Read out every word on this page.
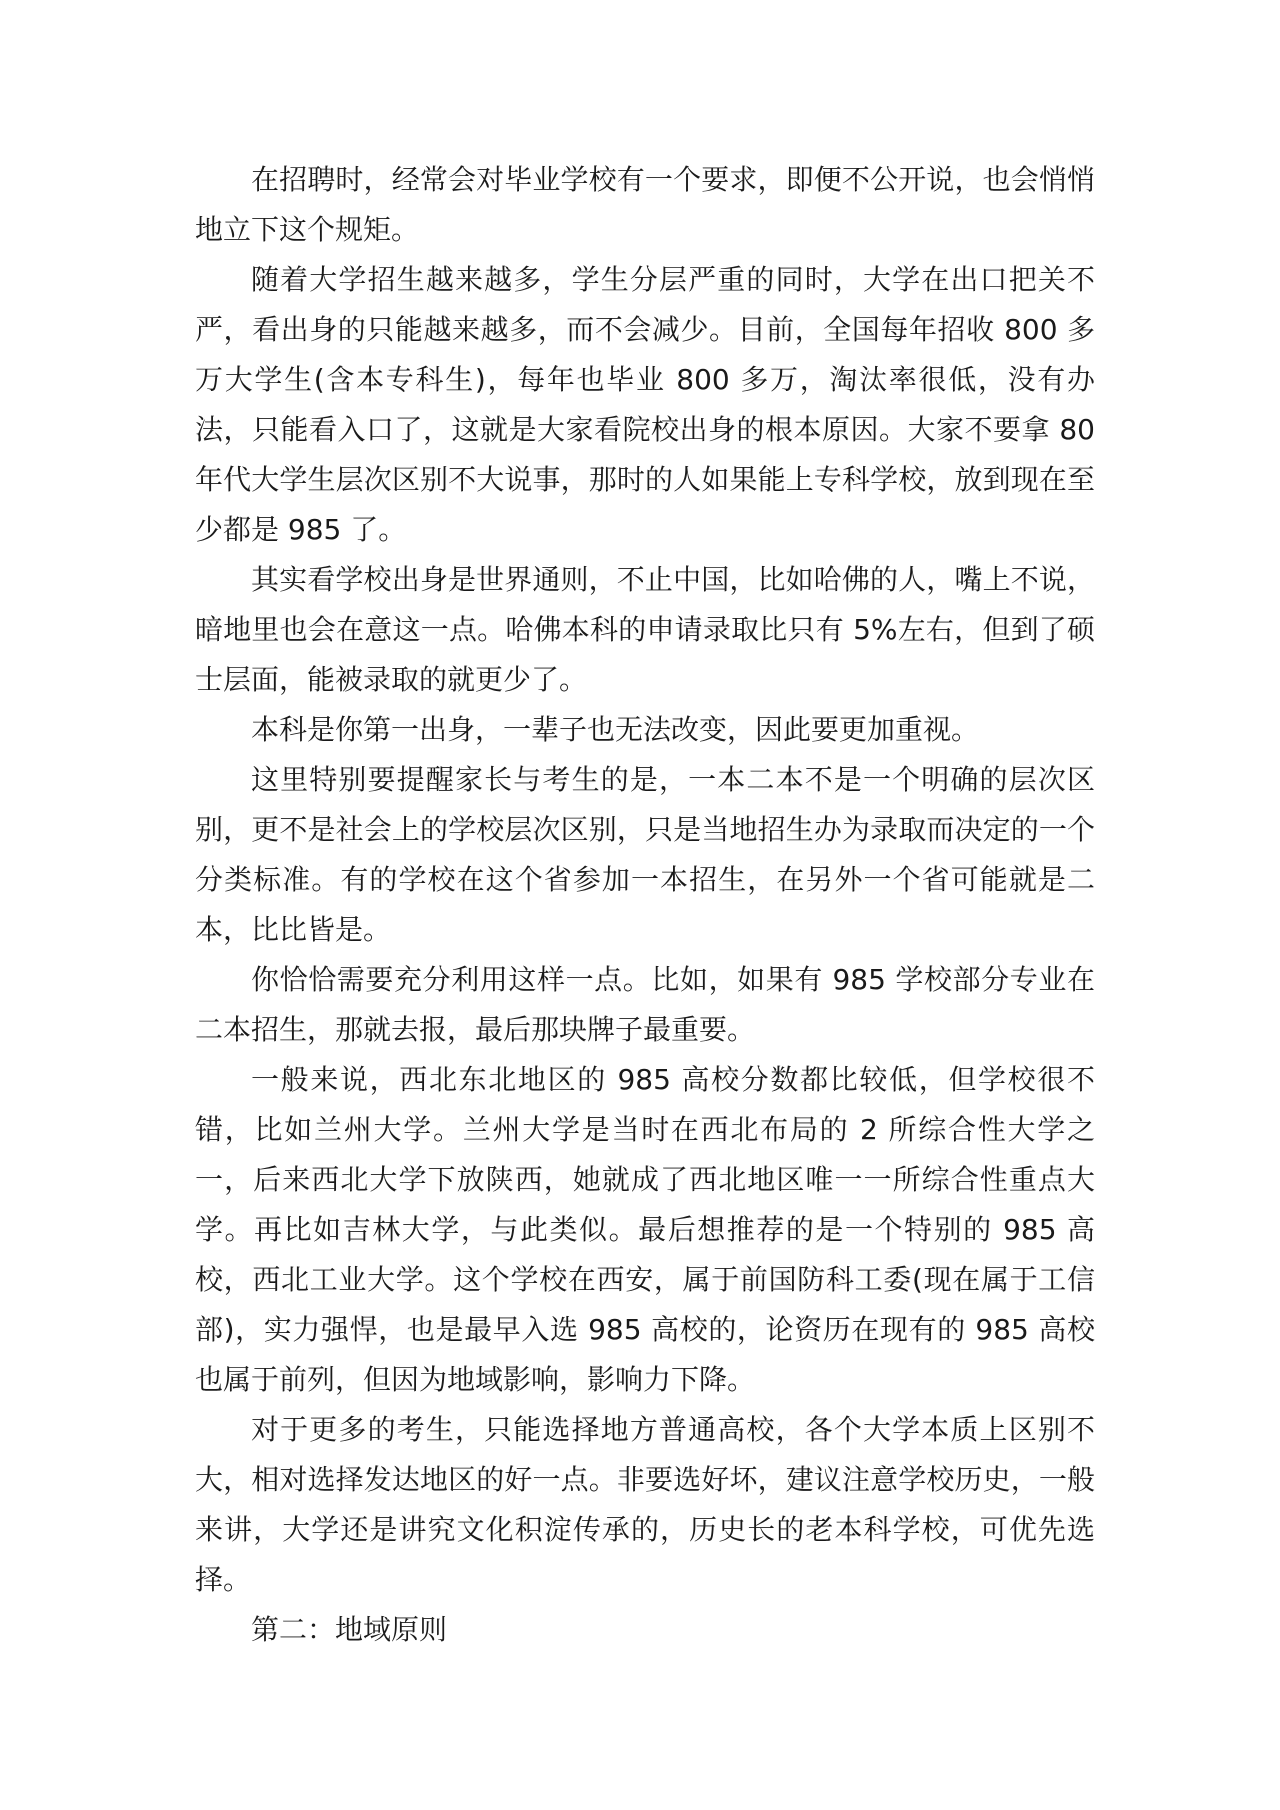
在招聘时，经常会对毕业学校有一个要求，即便不公开说，也会悄悄地立下这个规矩。

随着大学招生越来越多，学生分层严重的同时，大学在出口把关不严，看出身的只能越来越多，而不会减少。目前，全国每年招收 800 多万大学生(含本专科生)，每年也毕业 800 多万，淘汰率很低，没有办法，只能看入口了，这就是大家看院校出身的根本原因。大家不要拿 80 年代大学生层次区别不大说事，那时的人如果能上专科学校，放到现在至少都是 985 了。

其实看学校出身是世界通则，不止中国，比如哈佛的人，嘴上不说，暗地里也会在意这一点。哈佛本科的申请录取比只有 5%左右，但到了硕士层面，能被录取的就更少了。

本科是你第一出身，一辈子也无法改变，因此要更加重视。

这里特别要提醒家长与考生的是，一本二本不是一个明确的层次区别，更不是社会上的学校层次区别，只是当地招生办为录取而决定的一个分类标准。有的学校在这个省参加一本招生，在另外一个省可能就是二本，比比皆是。

你恰恰需要充分利用这样一点。比如，如果有 985 学校部分专业在二本招生，那就去报，最后那块牌子最重要。

一般来说，西北东北地区的 985 高校分数都比较低，但学校很不错，比如兰州大学。兰州大学是当时在西北布局的 2 所综合性大学之一，后来西北大学下放陕西，她就成了西北地区唯一一所综合性重点大学。再比如吉林大学，与此类似。最后想推荐的是一个特别的 985 高校，西北工业大学。这个学校在西安，属于前国防科工委(现在属于工信部)，实力强悍，也是最早入选 985 高校的，论资历在现有的 985 高校也属于前列，但因为地域影响，影响力下降。

对于更多的考生，只能选择地方普通高校，各个大学本质上区别不大，相对选择发达地区的好一点。非要选好坏，建议注意学校历史，一般来讲，大学还是讲究文化积淀传承的，历史长的老本科学校，可优先选择。

第二：地域原则
